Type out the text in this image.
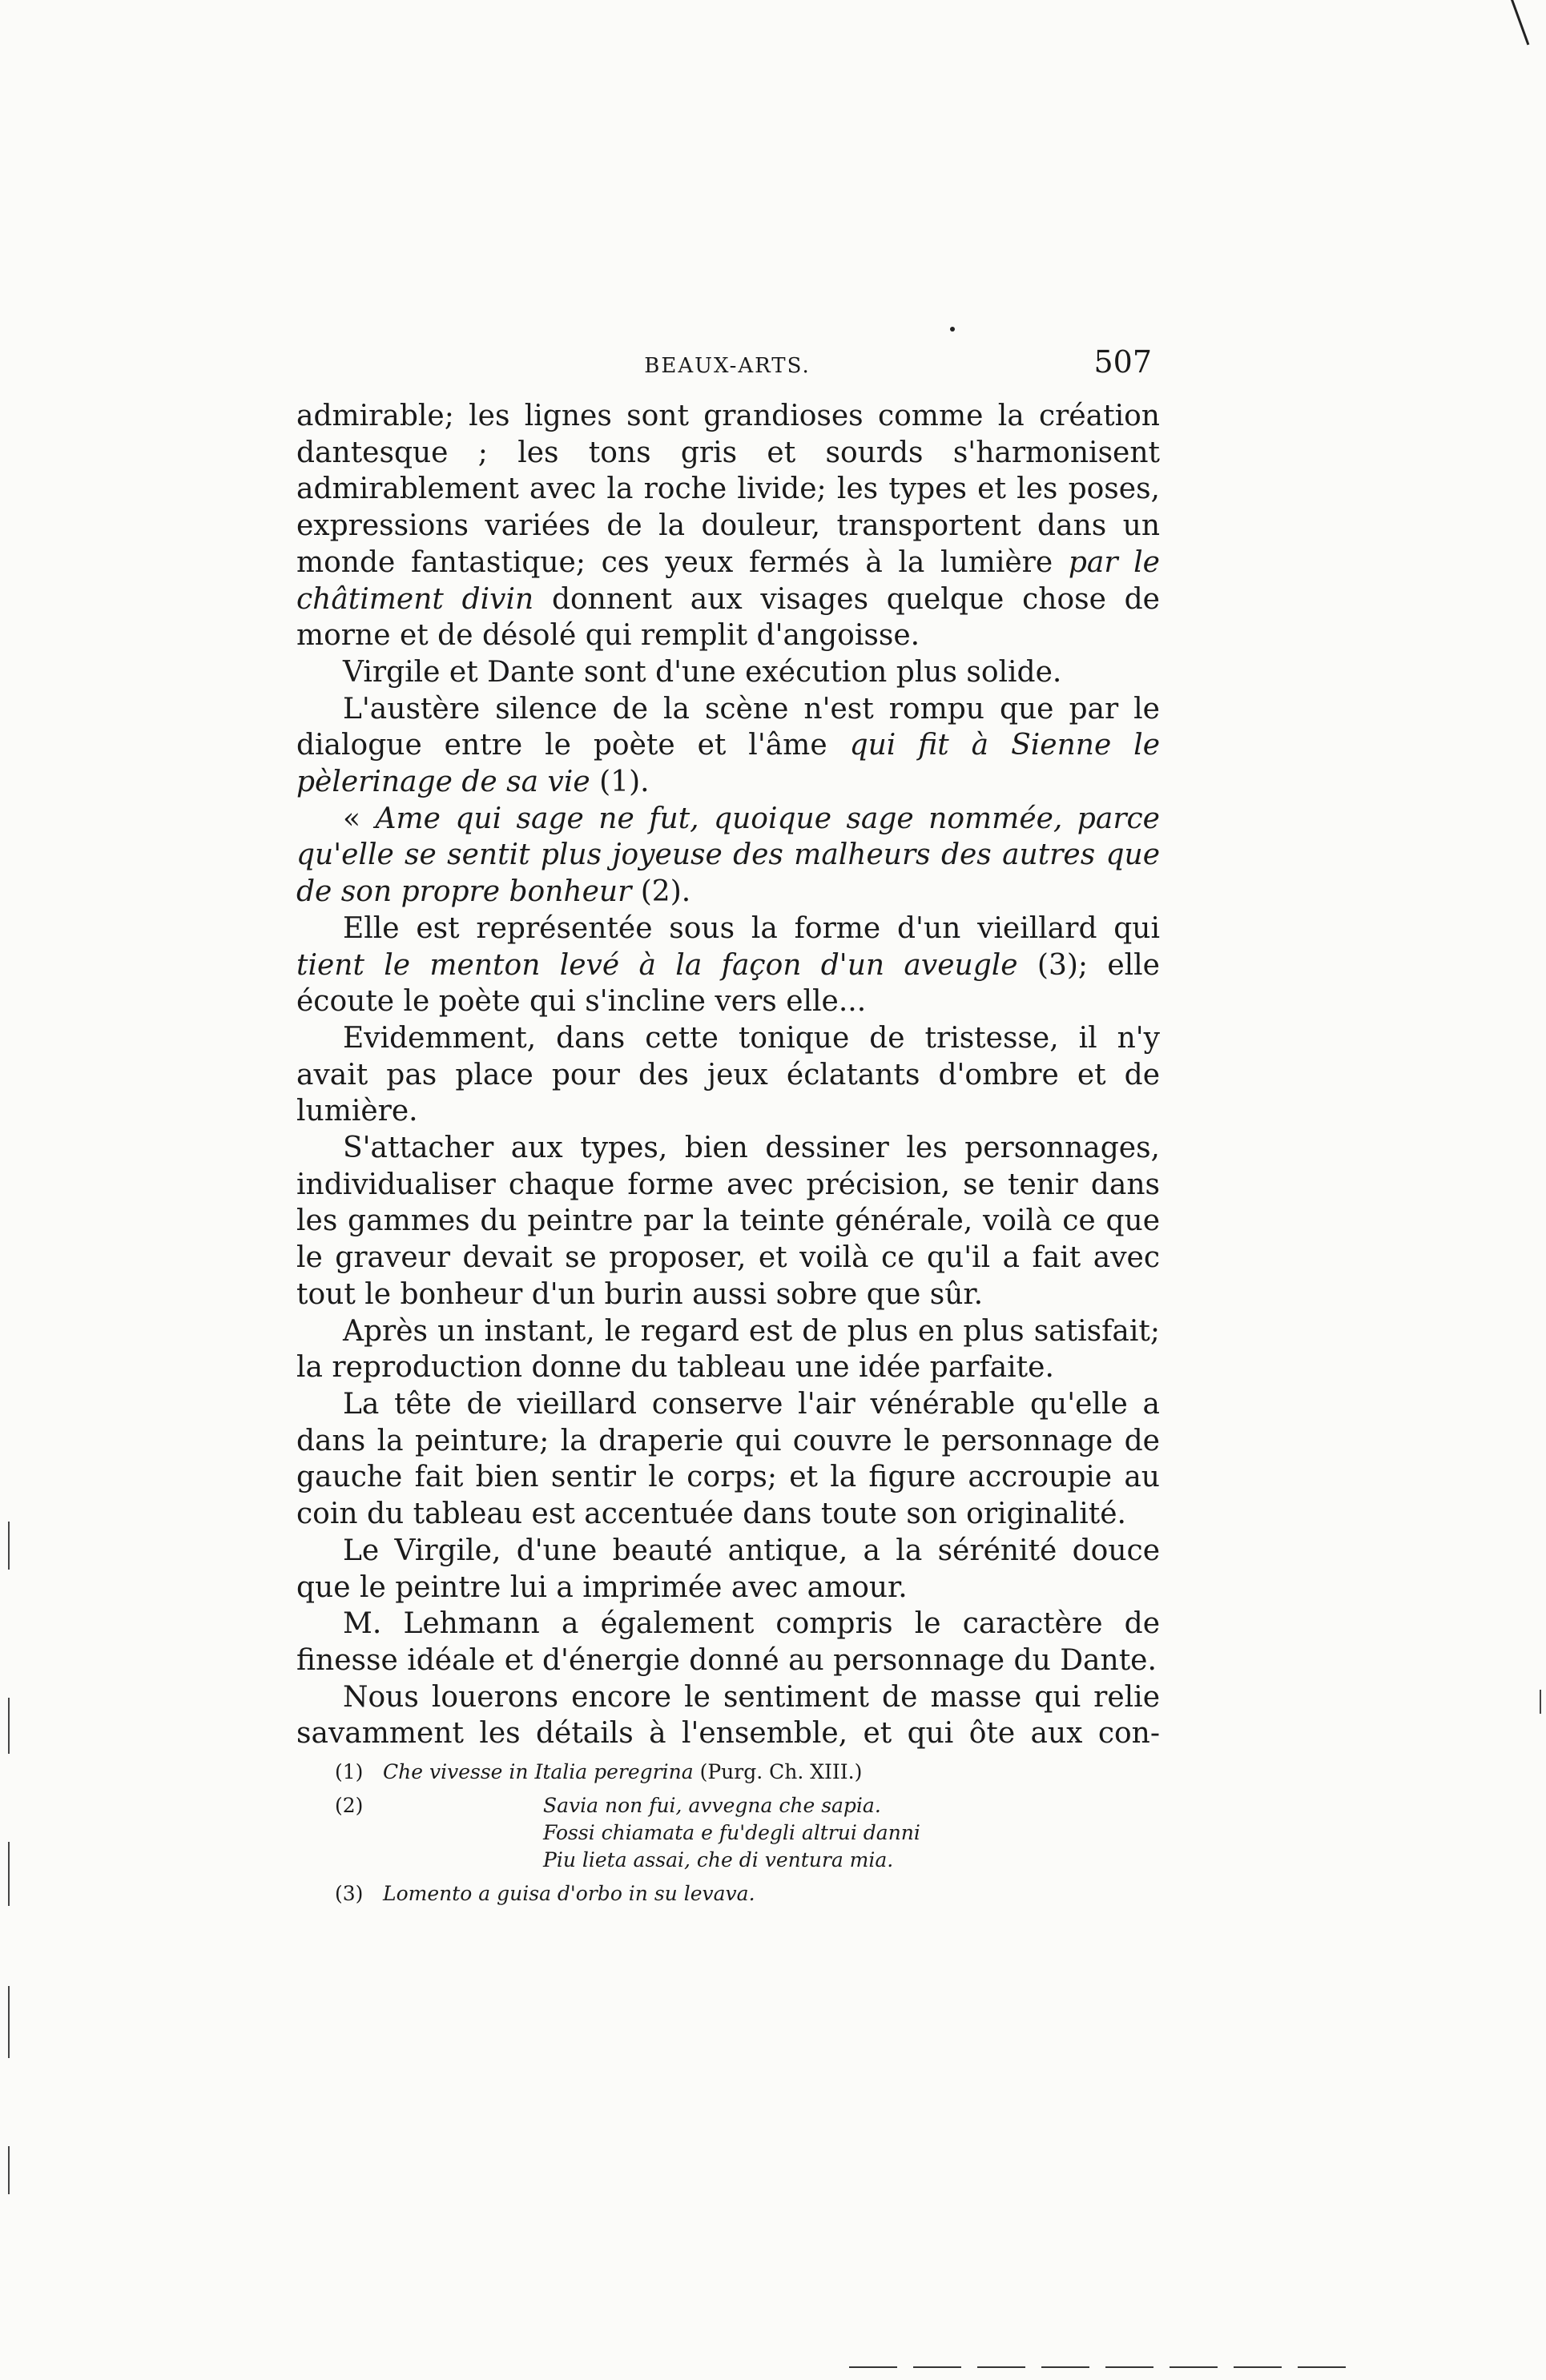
BEAUX-ARTS.	507

admirable; les lignes sont grandioses comme la création dantesque ; les tons gris et sourds s'harmonisent admirablement avec la roche livide; les types et les poses, expressions variées de la douleur, transportent dans un monde fantastique; ces yeux fermés à la lumière par le châtiment divin donnent aux visages quelque chose de morne et de désolé qui remplit d'angoisse.

Virgile et Dante sont d'une exécution plus solide.

L'austère silence de la scène n'est rompu que par le dialogue entre le poète et l'âme qui fit à Sienne le pèlerinage de sa vie (1).

« Ame qui sage ne fut, quoique sage nommée, parce qu'elle se sentit plus joyeuse des malheurs des autres que de son propre bonheur (2).

Elle est représentée sous la forme d'un vieillard qui tient le menton levé à la façon d'un aveugle (3); elle écoute le poète qui s'incline vers elle...

Evidemment, dans cette tonique de tristesse, il n'y avait pas place pour des jeux éclatants d'ombre et de lumière.

S'attacher aux types, bien dessiner les personnages, individualiser chaque forme avec précision, se tenir dans les gammes du peintre par la teinte générale, voilà ce que le graveur devait se proposer, et voilà ce qu'il a fait avec tout le bonheur d'un burin aussi sobre que sûr.

Après un instant, le regard est de plus en plus satisfait; la reproduction donne du tableau une idée parfaite.

La tête de vieillard conserve l'air vénérable qu'elle a dans la peinture; la draperie qui couvre le personnage de gauche fait bien sentir le corps; et la figure accroupie au coin du tableau est accentuée dans toute son originalité.

Le Virgile, d'une beauté antique, a la sérénité douce que le peintre lui a imprimée avec amour.

M. Lehmann a également compris le caractère de finesse idéale et d'énergie donné au personnage du Dante.

Nous louerons encore le sentiment de masse qui relie savamment les détails à l'ensemble, et qui ôte aux con-

(1) Che vivesse in Italia peregrina (Purg. Ch. XIII.)
(2)	Savia non fui, avvegna che sapia.
Fossi chiamata e fu'degli altrui danni
Piu lieta assai, che di ventura mia.
(3) Lomento a guisa d'orbo in su levava.
